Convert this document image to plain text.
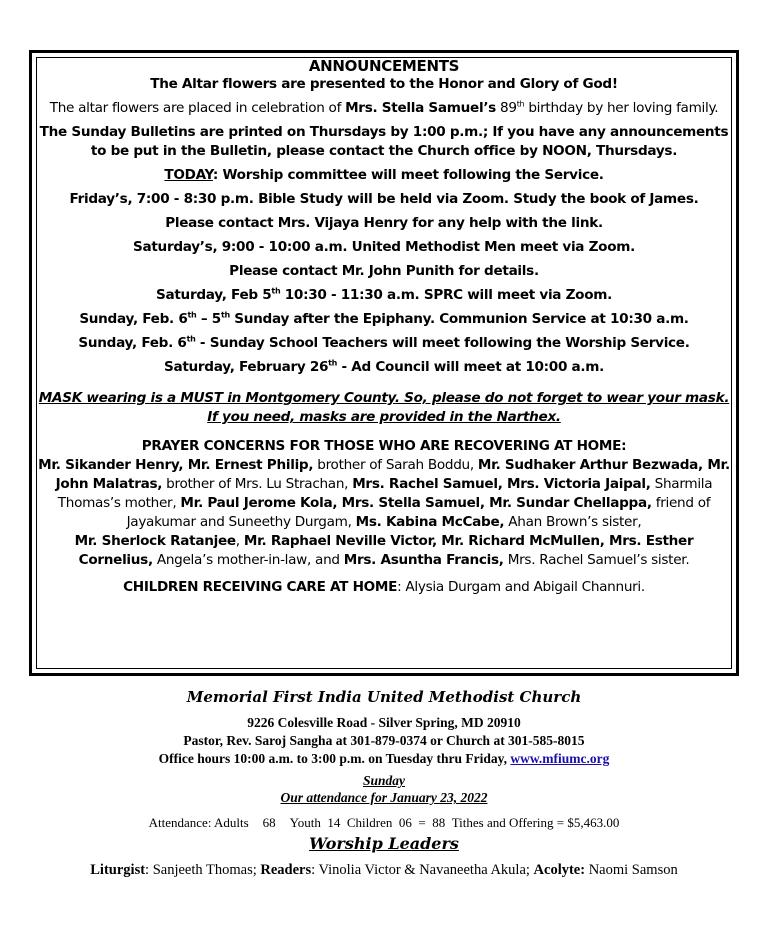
ANNOUNCEMENTS

The Altar flowers are presented to the Honor and Glory of God!

The altar flowers are placed in celebration of Mrs. Stella Samuel’s 89th birthday by her loving family.

The Sunday Bulletins are printed on Thursdays by 1:00 p.m.; If you have any announcements to be put in the Bulletin, please contact the Church office by NOON, Thursdays.

TODAY: Worship committee will meet following the Service.

Friday’s, 7:00 - 8:30 p.m. Bible Study will be held via Zoom. Study the book of James.

Please contact Mrs. Vijaya Henry for any help with the link.

Saturday’s, 9:00 - 10:00 a.m. United Methodist Men meet via Zoom.

Please contact Mr. John Punith for details.

Saturday, Feb 5th 10:30 - 11:30 a.m. SPRC will meet via Zoom.

Sunday, Feb. 6th – 5th Sunday after the Epiphany. Communion Service at 10:30 a.m.

Sunday, Feb. 6th - Sunday School Teachers will meet following the Worship Service.

Saturday, February 26th - Ad Council will meet at 10:00 a.m.

MASK wearing is a MUST in Montgomery County. So, please do not forget to wear your mask. If you need, masks are provided in the Narthex.

PRAYER CONCERNS FOR THOSE WHO ARE RECOVERING AT HOME:

Mr. Sikander Henry, Mr. Ernest Philip, brother of Sarah Boddu, Mr. Sudhaker Arthur Bezwada, Mr. John Malatras, brother of Mrs. Lu Strachan, Mrs. Rachel Samuel, Mrs. Victoria Jaipal, Sharmila Thomas’s mother, Mr. Paul Jerome Kola, Mrs. Stella Samuel, Mr. Sundar Chellappa, friend of Jayakumar and Suneethy Durgam, Ms. Kabina McCabe, Ahan Brown’s sister,

Mr. Sherlock Ratanjee, Mr. Raphael Neville Victor, Mr. Richard McMullen, Mrs. Esther Cornelius, Angela’s mother-in-law, and Mrs. Asuntha Francis, Mrs. Rachel Samuel’s sister.

CHILDREN RECEIVING CARE AT HOME: Alysia Durgam and Abigail Channuri.

Memorial First India United Methodist Church

9226 Colesville Road - Silver Spring, MD 20910

Pastor, Rev. Saroj Sangha at 301-879-0374 or Church at 301-585-8015

Office hours 10:00 a.m. to 3:00 p.m. on Tuesday thru Friday, www.mfiumc.org

Sunday

Our attendance for January 23, 2022

Attendance: Adults 68 Youth 14 Children 06 = 88 Tithes and Offering = $5,463.00

Worship Leaders

Liturgist: Sanjeeth Thomas; Readers: Vinolia Victor & Navaneetha Akula; Acolyte: Naomi Samson
